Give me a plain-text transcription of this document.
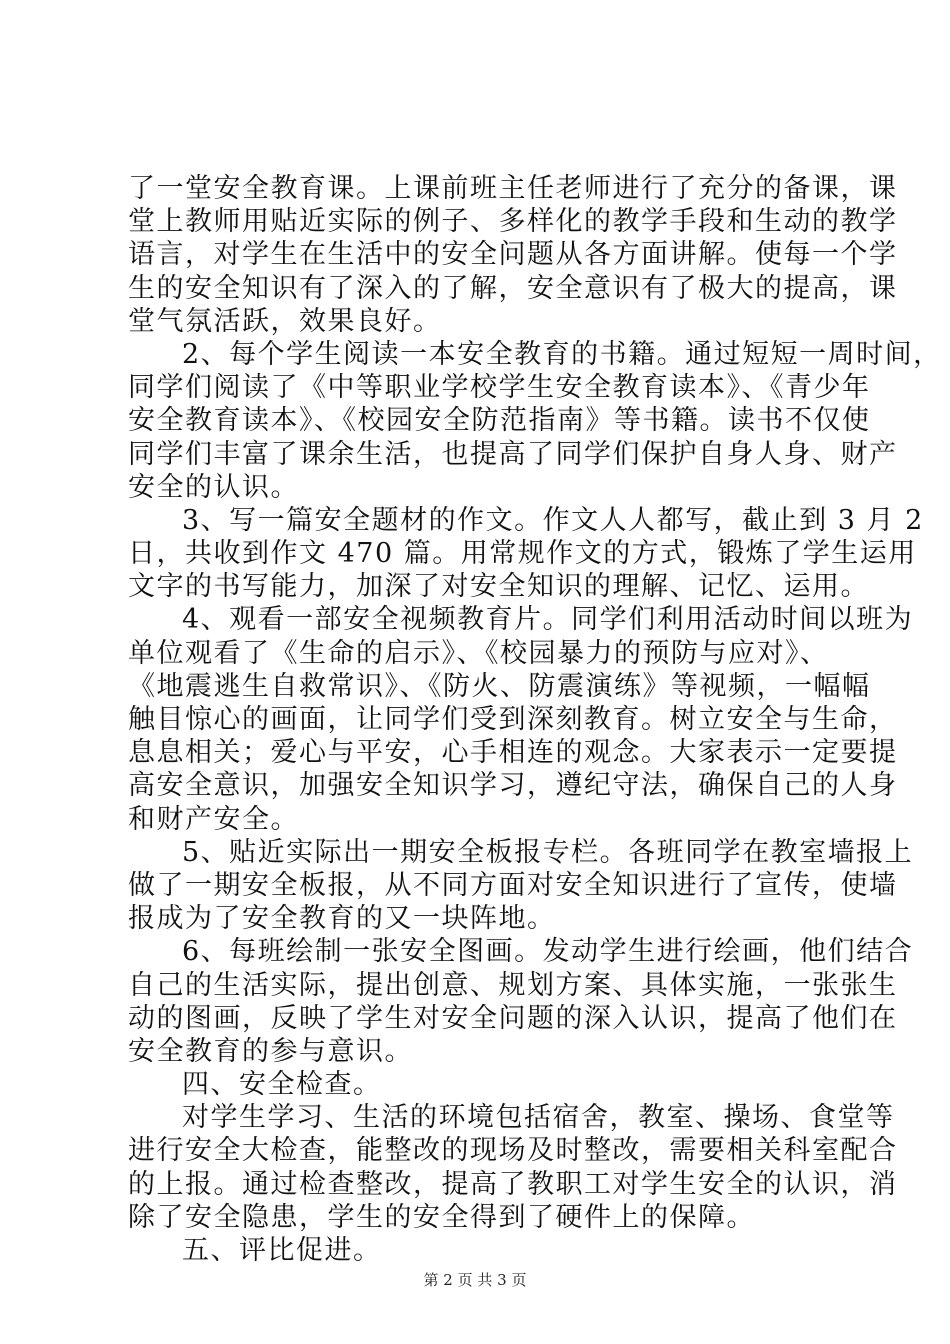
了一堂安全教育课。上课前班主任老师进行了充分的备课，课
堂上教师用贴近实际的例子、多样化的教学手段和生动的教学
语言，对学生在生活中的安全问题从各方面讲解。使每一个学
生的安全知识有了深入的了解，安全意识有了极大的提高，课
堂气氛活跃，效果良好。
2、每个学生阅读一本安全教育的书籍。通过短短一周时间，
同学们阅读了《中等职业学校学生安全教育读本》、《青少年
安全教育读本》、《校园安全防范指南》等书籍。读书不仅使
同学们丰富了课余生活，也提高了同学们保护自身人身、财产
安全的认识。
3、写一篇安全题材的作文。作文人人都写，截止到 3 月 2
日，共收到作文 470 篇。用常规作文的方式，锻炼了学生运用
文字的书写能力，加深了对安全知识的理解、记忆、运用。
4、观看一部安全视频教育片。同学们利用活动时间以班为
单位观看了《生命的启示》、《校园暴力的预防与应对》、
《地震逃生自救常识》、《防火、防震演练》等视频，一幅幅
触目惊心的画面，让同学们受到深刻教育。树立安全与生命，
息息相关；爱心与平安，心手相连的观念。大家表示一定要提
高安全意识，加强安全知识学习，遵纪守法，确保自己的人身
和财产安全。
5、贴近实际出一期安全板报专栏。各班同学在教室墙报上
做了一期安全板报，从不同方面对安全知识进行了宣传，使墙
报成为了安全教育的又一块阵地。
6、每班绘制一张安全图画。发动学生进行绘画，他们结合
自己的生活实际，提出创意、规划方案、具体实施，一张张生
动的图画，反映了学生对安全问题的深入认识，提高了他们在
安全教育的参与意识。
四、安全检查。
对学生学习、生活的环境包括宿舍，教室、操场、食堂等
进行安全大检查，能整改的现场及时整改，需要相关科室配合
的上报。通过检查整改，提高了教职工对学生安全的认识，消
除了安全隐患，学生的安全得到了硬件上的保障。
五、评比促进。
第 2 页 共 3 页
